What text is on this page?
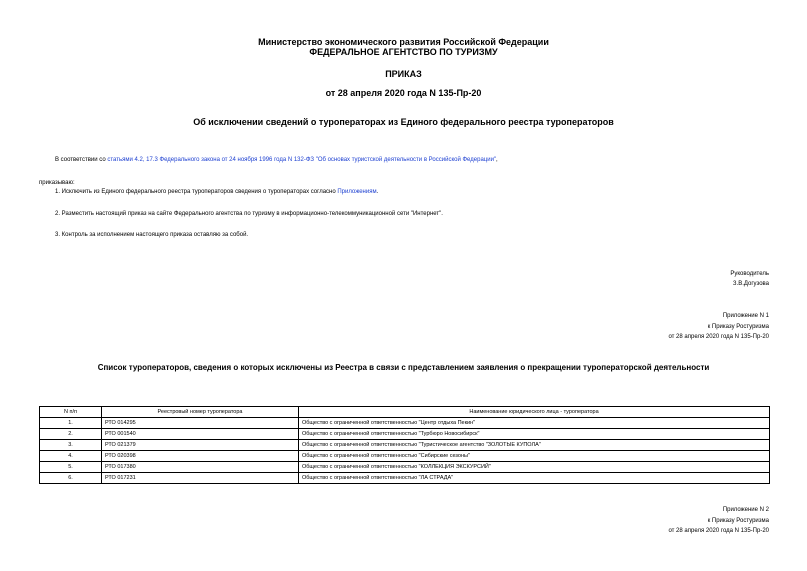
Министерство экономического развития Российской Федерации
ФЕДЕРАЛЬНОЕ АГЕНТСТВО ПО ТУРИЗМУ
ПРИКАЗ
от 28 апреля 2020 года N 135-Пр-20
Об исключении сведений о туроператорах из Единого федерального реестра туроператоров
В соответствии со статьями 4.2, 17.3 Федерального закона от 24 ноября 1996 года N 132-ФЗ "Об основах туристской деятельности в Российской Федерации",
приказываю:
1. Исключить из Единого федерального реестра туроператоров сведения о туроператорах согласно Приложениям.
2. Разместить настоящий приказ на сайте Федерального агентства по туризму в информационно-телекоммуникационной сети "Интернет".
3. Контроль за исполнением настоящего приказа оставляю за собой.
Руководитель
З.В.Догузова
Приложение N 1
к Приказу Ростуризма
от 28 апреля 2020 года N 135-Пр-20
Список туроператоров, сведения о которых исключены из Реестра в связи с представлением заявления о прекращении туроператорской деятельности
N п/п	Реестровый номер туроператора	Наименование юридического лица - туроператора
1.	РТО 014295	Общество с ограниченной ответственностью "Центр отдыха Пекин"
2.	РТО 001540	Общество с ограниченной ответственностью "Турбюро Новосибирск"
3.	РТО 021379	Общество с ограниченной ответственностью "Туристическое агентство "ЗОЛОТЫЕ КУПОЛА"
4.	РТО 020398	Общество с ограниченной ответственностью "Сибирские сезоны"
5.	РТО 017380	Общество с ограниченной ответственностью "КОЛЛЕКЦИЯ ЭКСКУРСИЙ"
6.	РТО 017231	Общество с ограниченной ответственностью "ЛА СТРАДА"
Приложение N 2
к Приказу Ростуризма
от 28 апреля 2020 года N 135-Пр-20
